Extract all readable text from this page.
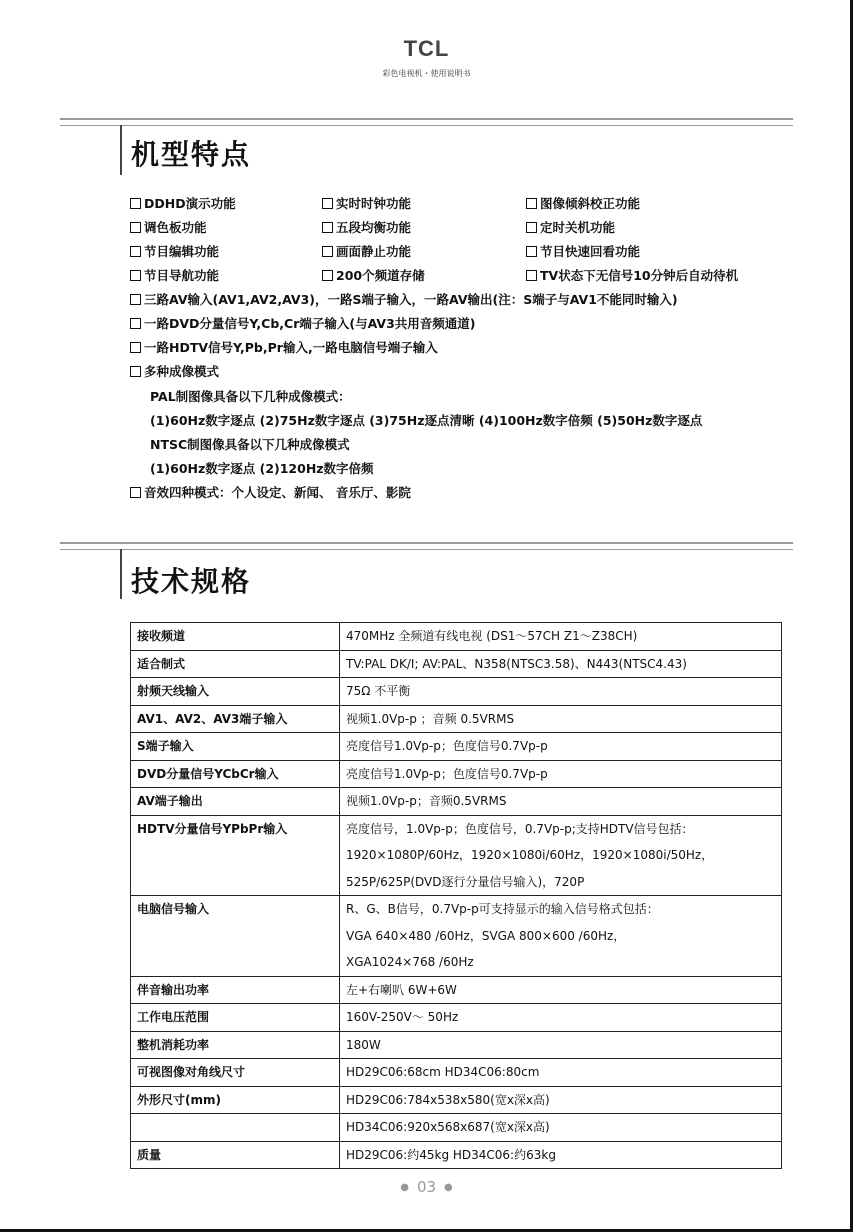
TCL
彩色电视机・使用说明书
机型特点
DDHD演示功能	实时时钟功能	图像倾斜校正功能
调色板功能	五段均衡功能	定时关机功能
节目编辑功能	画面静止功能	节目快速回看功能
节目导航功能	200个频道存储	TV状态下无信号10分钟后自动待机
三路AV输入(AV1,AV2,AV3)，一路S端子输入，一路AV输出(注：S端子与AV1不能同时输入)
一路DVD分量信号Y,Cb,Cr端子输入(与AV3共用音频通道)
一路HDTV信号Y,Pb,Pr输入,一路电脑信号端子输入
多种成像模式
PAL制图像具备以下几种成像模式：
(1)60Hz数字逐点 (2)75Hz数字逐点 (3)75Hz逐点清晰 (4)100Hz数字倍频 (5)50Hz数字逐点
NTSC制图像具备以下几种成像模式
(1)60Hz数字逐点 (2)120Hz数字倍频
音效四种模式：个人设定、新闻、 音乐厅、影院
技术规格
接收频道	470MHz 全频道有线电视 (DS1～57CH Z1～Z38CH)

适合制式	TV:PAL DK/I; AV:PAL、N358(NTSC3.58)、N443(NTSC4.43)

射频天线输入	75Ω 不平衡

AV1、AV2、AV3端子输入	视频1.0Vp-p ；音频 0.5VRMS

S端子输入	亮度信号1.0Vp-p；色度信号0.7Vp-p

DVD分量信号YCbCr输入	亮度信号1.0Vp-p；色度信号0.7Vp-p

AV端子输出	视频1.0Vp-p；音频0.5VRMS

HDTV分量信号YPbPr输入	亮度信号，1.0Vp-p；色度信号，0.7Vp-p;支持HDTV信号包括：
1920×1080P/60Hz，1920×1080i/60Hz，1920×1080i/50Hz，
525P/625P(DVD逐行分量信号输入)，720P

电脑信号输入	R、G、B信号，0.7Vp-p可支持显示的输入信号格式包括：
VGA 640×480 /60Hz，SVGA 800×600 /60Hz，
XGA1024×768 /60Hz

伴音输出功率	左+右喇叭 6W+6W

工作电压范围	160V-250V～ 50Hz

整机消耗功率	180W

可视图像对角线尺寸	HD29C06:68cm HD34C06:80cm

外形尺寸(mm)	HD29C06:784x538x580(宽x深x高)

	HD34C06:920x568x687(宽x深x高)

质量	HD29C06:约45kg HD34C06:约63kg
● 03 ●
